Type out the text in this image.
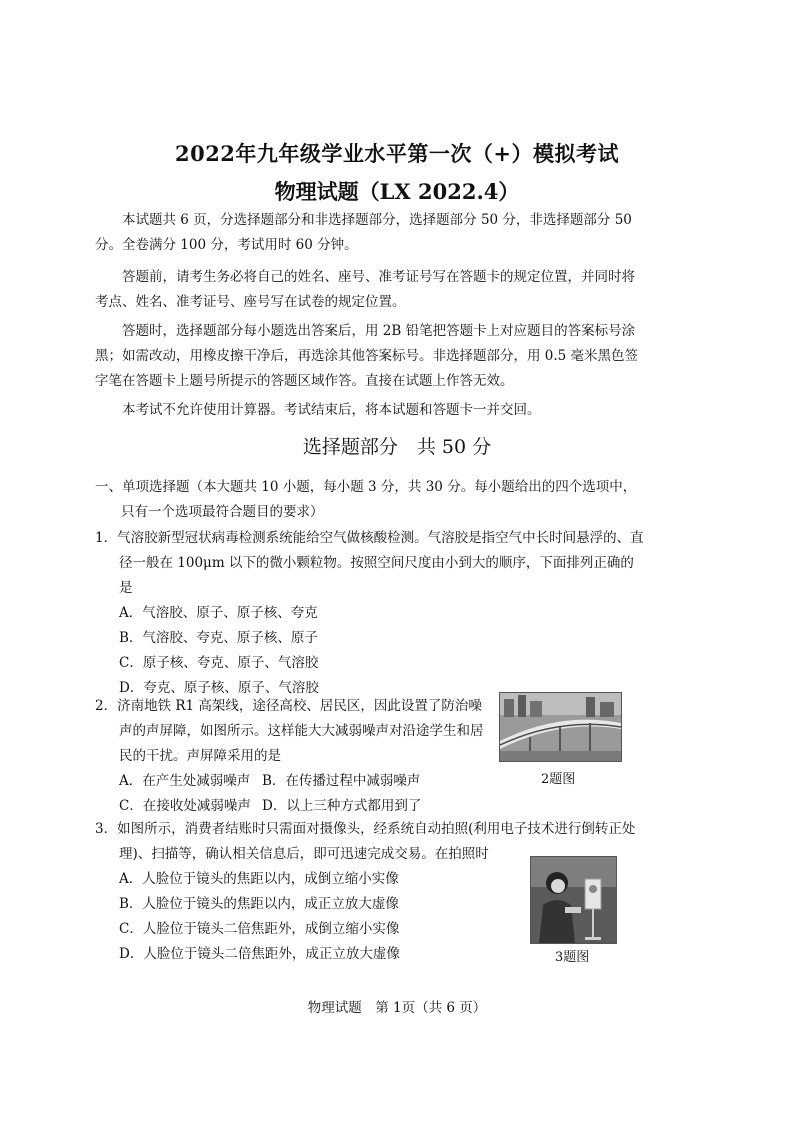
2022年九年级学业水平第一次（+）模拟考试
物理试题（LX 2022.4）
本试题共 6 页，分选择题部分和非选择题部分，选择题部分 50 分，非选择题部分 50 分。全卷满分 100 分，考试用时 60 分钟。
答题前，请考生务必将自己的姓名、座号、准考证号写在答题卡的规定位置，并同时将考点、姓名、准考证号、座号写在试卷的规定位置。
答题时，选择题部分每小题选出答案后，用 2B 铅笔把答题卡上对应题目的答案标号涂黑；如需改动，用橡皮擦干净后，再选涂其他答案标号。非选择题部分，用 0.5 毫米黑色签字笔在答题卡上题号所提示的答题区域作答。直接在试题上作答无效。
本考试不允许使用计算器。考试结束后，将本试题和答题卡一并交回。
选择题部分　共 50 分
一、单项选择题（本大题共 10 小题，每小题 3 分，共 30 分。每小题给出的四个选项中，
只有一个选项最符合题目的要求）
1．气溶胶新型冠状病毒检测系统能给空气做核酸检测。气溶胶是指空气中长时间悬浮的、直径一般在 100μm 以下的微小颗粒物。按照空间尺度由小到大的顺序，下面排列正确的是
A．气溶胶、原子、原子核、夸克
B．气溶胶、夸克、原子核、原子
C．原子核、夸克、原子、气溶胶
D．夸克、原子核、原子、气溶胶
2．济南地铁 R1 高架线，途径高校、居民区，因此设置了防治噪声的声屏障，如图所示。这样能大大减弱噪声对沿途学生和居民的干扰。声屏障采用的是
A．在产生处减弱噪声 B．在传播过程中减弱噪声
C．在接收处减弱噪声 D．以上三种方式都用到了
2题图
3．如图所示，消费者结账时只需面对摄像头，经系统自动拍照(利用电子技术进行倒转正处理)、扫描等，确认相关信息后，即可迅速完成交易。在拍照时
A．人脸位于镜头的焦距以内，成倒立缩小实像
B．人脸位于镜头的焦距以内，成正立放大虚像
C．人脸位于镜头二倍焦距外，成倒立缩小实像
D．人脸位于镜头二倍焦距外，成正立放大虚像	3题图
物理试题　第 1页（共 6 页）
